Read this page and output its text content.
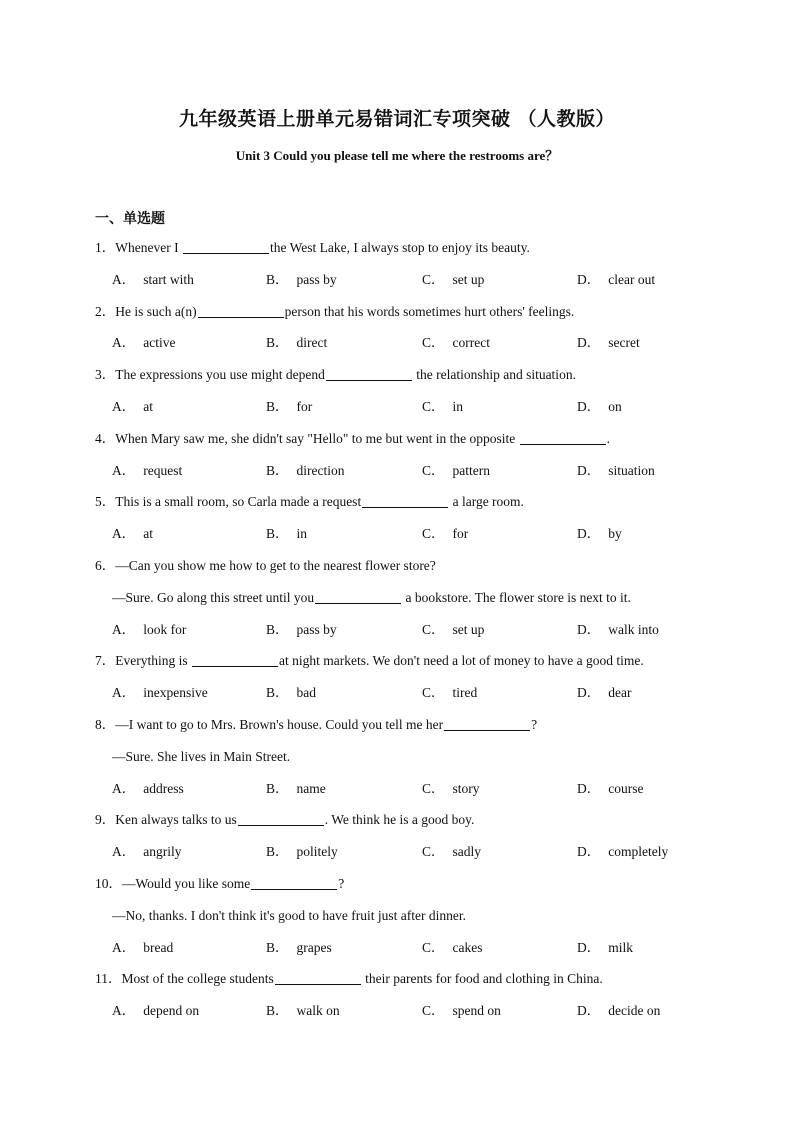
九年级英语上册单元易错词汇专项突破 （人教版）
Unit 3 Could you please tell me where the restrooms are？
一、单选题
1．Whenever I	the West Lake, I always stop to enjoy its beauty.
A． start with	B． pass by	C． set up	D． clear out
2．He is such a(n)	person that his words sometimes hurt others' feelings.
A． active	B． direct	C． correct	D． secret
3．The expressions you use might depend	the relationship and situation.
A． at	B． for	C． in	D． on
4．When Mary saw me, she didn't say "Hello" to me but went in the opposite	.
A． request	B． direction	C． pattern	D． situation
5．This is a small room, so Carla made a request	a large room.
A． at	B． in	C． for	D． by
6．—Can you show me how to get to the nearest flower store?
—Sure. Go along this street until you	a bookstore. The flower store is next to it.
A． look for	B． pass by	C． set up	D． walk into
7．Everything is	at night markets. We don't need a lot of money to have a good time.
A． inexpensive	B． bad	C． tired	D． dear
8．—I want to go to Mrs. Brown's house. Could you tell me her	?
—Sure. She lives in Main Street.
A． address	B． name	C． story	D． course
9．Ken always talks to us	. We think he is a good boy.
A． angrily	B． politely	C． sadly	D． completely
10．—Would you like some	?
—No, thanks. I don't think it's good to have fruit just after dinner.
A． bread	B． grapes	C． cakes	D． milk
11．Most of the college students	their parents for food and clothing in China.
A． depend on	B． walk on	C． spend on	D． decide on
